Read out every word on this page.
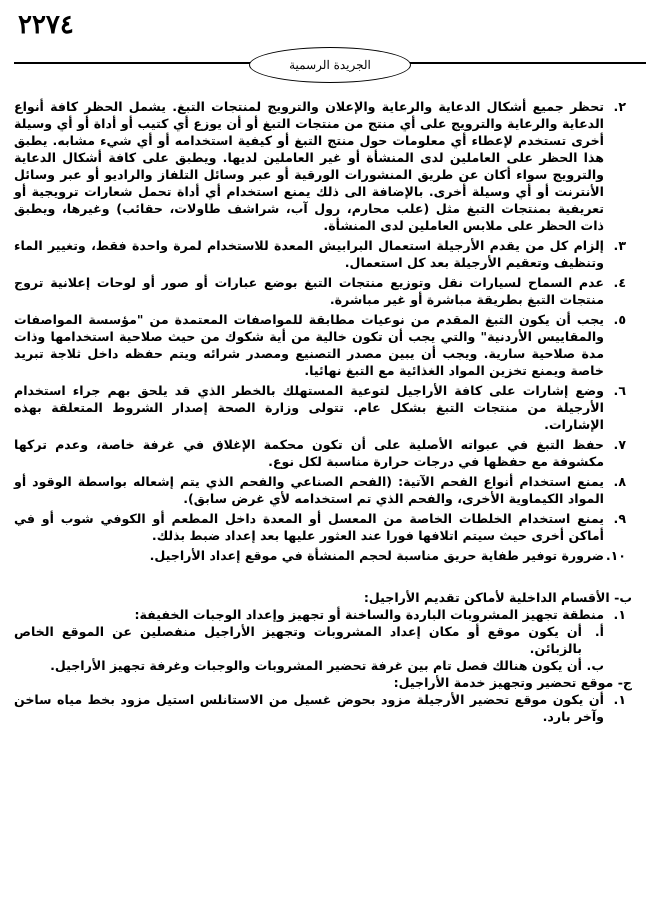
٢٢٧٤
الجريدة الرسمية
٢.
تحظر جميع أشكال الدعاية والرعاية والإعلان والترويج لمنتجات التبغ. يشمل الحظر كافة أنواع الدعاية والرعاية والترويج على أي منتج من منتجات التبغ أو أن يوزع أي كتيب أو أداة أو أي وسيلة أخرى تستخدم لإعطاء أي معلومات حول منتج التبغ أو كيفية استخدامه أو أي شيء مشابه. يطبق هذا الحظر على العاملين لدى المنشأة أو غير العاملين لديها. ويطبق على كافة أشكال الدعاية والترويج سواء أكان عن طريق المنشورات الورقية أو عبر وسائل التلفاز والراديو أو عبر وسائل الأنترنت أو أي وسيلة أخرى. بالإضافة الى ذلك يمنع استخدام أي أداة تحمل شعارات ترويجية أو تعريفية بمنتجات التبغ مثل (علب محارم، رول آب، شراشف طاولات، حقائب) وغيرها، ويطبق ذات الحظر على ملابس العاملين لدى المنشأة.
٣.
إلزام كل من يقدم الأرجيلة استعمال البرابيش المعدة للاستخدام لمرة واحدة فقط، وتغيير الماء وتنظيف وتعقيم الأرجيلة بعد كل استعمال.
٤.
عدم السماح لسيارات نقل وتوزيع منتجات التبغ بوضع عبارات أو صور أو لوحات إعلانية تروج منتجات التبغ بطريقة مباشرة أو غير مباشرة.
٥.
يجب أن يكون التبغ المقدم من نوعيات مطابقة للمواصفات المعتمدة من "مؤسسة المواصفات والمقاييس الأردنية" والتي يجب أن تكون خالية من أية شكوك من حيث صلاحية استخدامها وذات مدة صلاحية سارية. ويجب أن يبين مصدر التصنيع ومصدر شرائه ويتم حفظه داخل ثلاجة تبريد خاصة ويمنع تخزين المواد الغذائية مع التبغ نهائيا.
٦.
وضع إشارات على كافة الأراجيل لتوعية المستهلك بالخطر الذي قد يلحق بهم جراء استخدام الأرجيلة من منتجات التبغ بشكل عام. تتولى وزارة الصحة إصدار الشروط المتعلقة بهذه الإشارات.
٧.
حفظ التبغ في عبواته الأصلية على أن تكون محكمة الإغلاق في غرفة خاصة، وعدم تركها مكشوفة مع حفظها في درجات حرارة مناسبة لكل نوع.
٨.
يمنع استخدام أنواع الفحم الآتية: (الفحم الصناعي والفحم الذي يتم إشعاله بواسطة الوقود أو المواد الكيماوية الأخرى، والفحم الذي تم استخدامه لأي غرض سابق).
٩.
يمنع استخدام الخلطات الخاصة من المعسل أو المعدة داخل المطعم أو الكوفي شوب أو في أماكن أخرى حيث سيتم اتلافها فورا عند العثور عليها بعد إعداد ضبط بذلك.
١٠.
ضرورة توفير طفاية حريق مناسبة لحجم المنشأة في موقع إعداد الأراجيل.
ب- الأقسام الداخلية لأماكن تقديم الأراجيل:
١.
منطقة تجهيز المشروبات الباردة والساخنة أو تجهيز وإعداد الوجبات الخفيفة:
أ.
أن يكون موقع أو مكان إعداد المشروبات وتجهيز الأراجيل منفصلين عن الموقع الخاص بالزبائن.
ب.
أن يكون هنالك فصل تام بين غرفة تحضير المشروبات والوجبات وغرفة تجهيز الأراجيل.
ج- موقع تحضير وتجهيز خدمة الأراجيل:
١.
أن يكون موقع تحضير الأرجيلة مزود بحوض غسيل من الاستانلس استيل مزود بخط مياه ساخن وآخر بارد.
